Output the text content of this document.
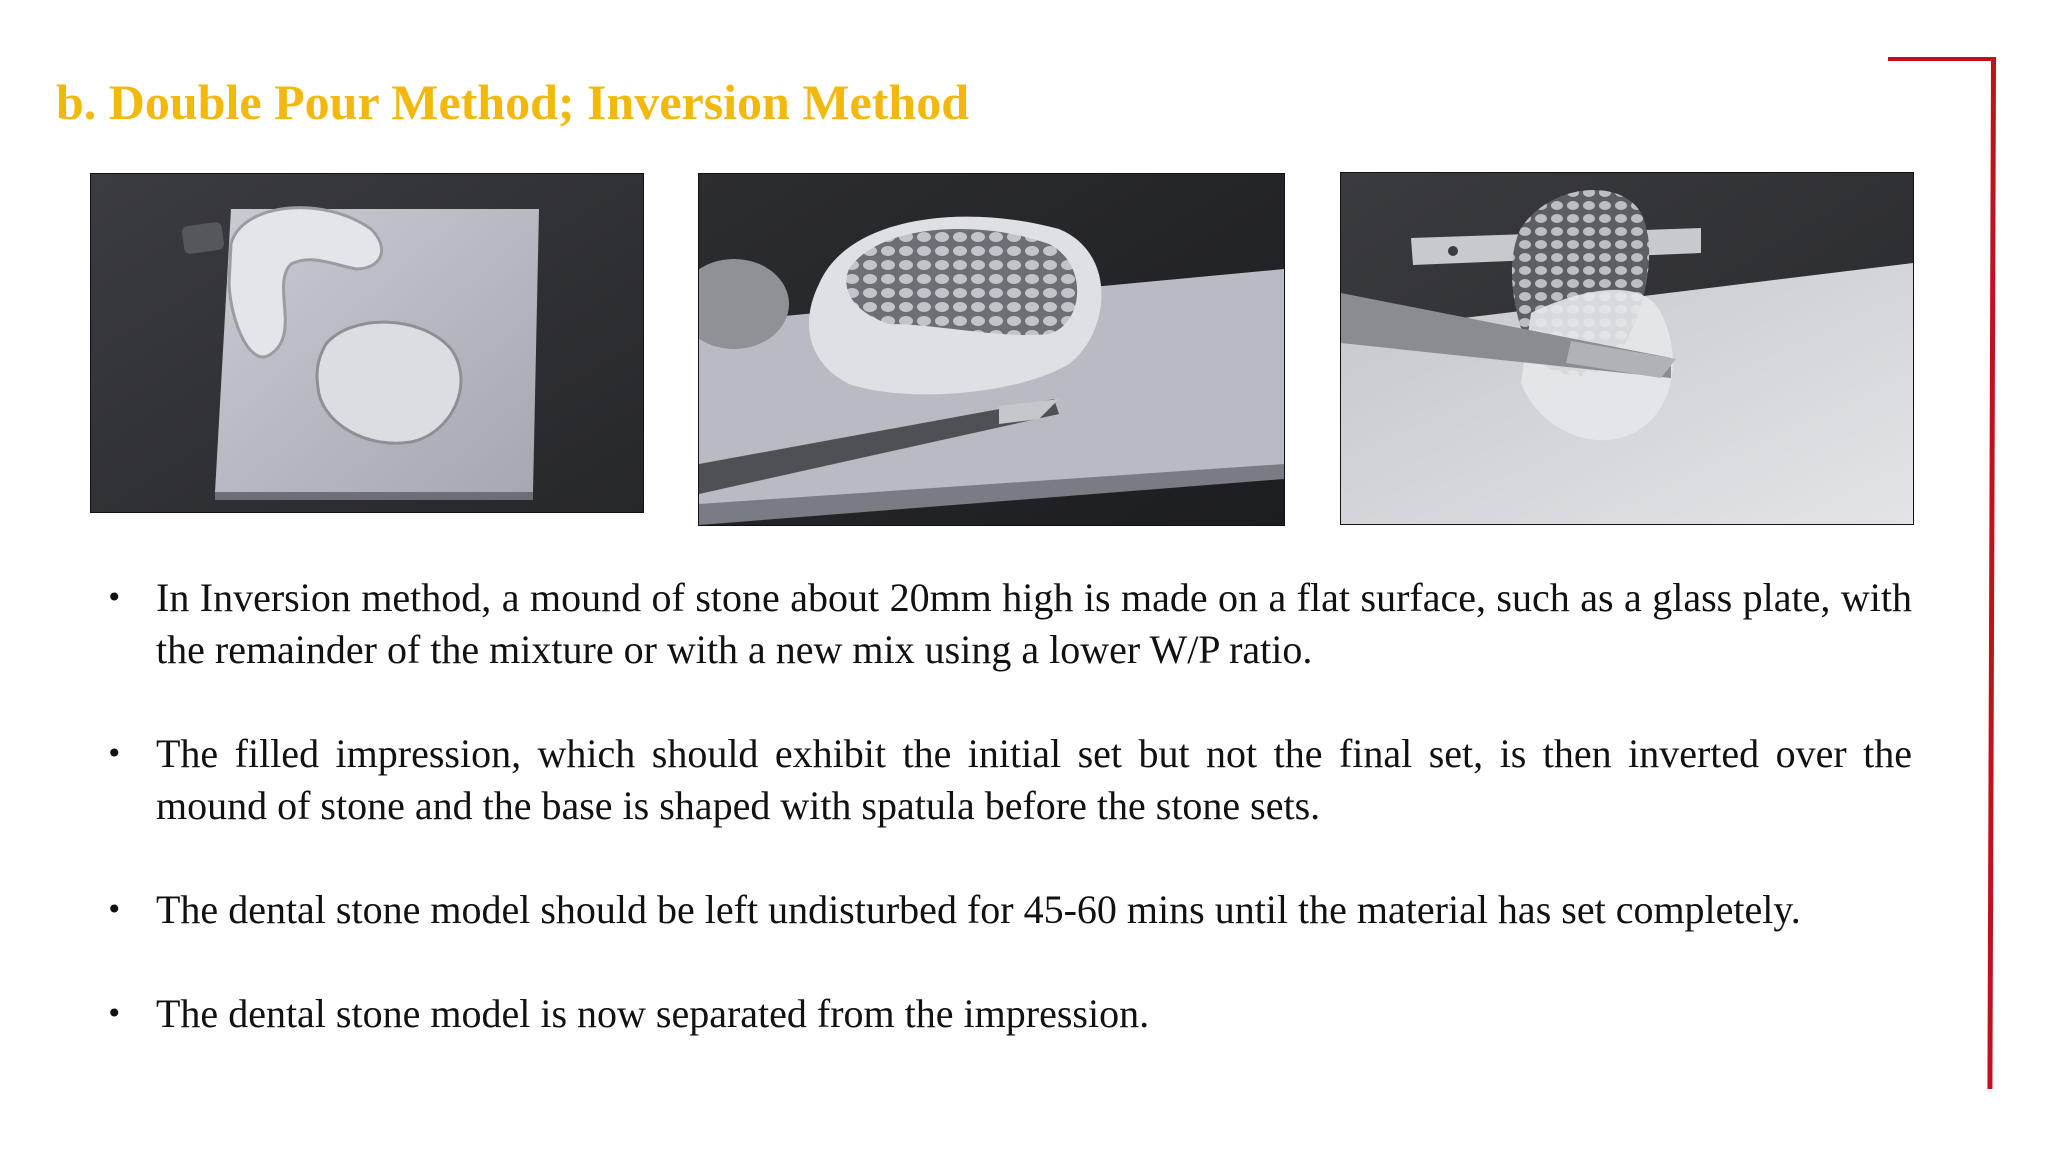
b. Double Pour Method; Inversion Method
• In Inversion method, a mound of stone about 20mm high is made on a flat surface, such as a glass plate, with the remainder of the mixture or with a new mix using a lower W/P ratio.
• The filled impression, which should exhibit the initial set but not the final set, is then inverted over the mound of stone and the base is shaped with spatula before the stone sets.
• The dental stone model should be left undisturbed for 45-60 mins until the material has set completely.
• The dental stone model is now separated from the impression.
